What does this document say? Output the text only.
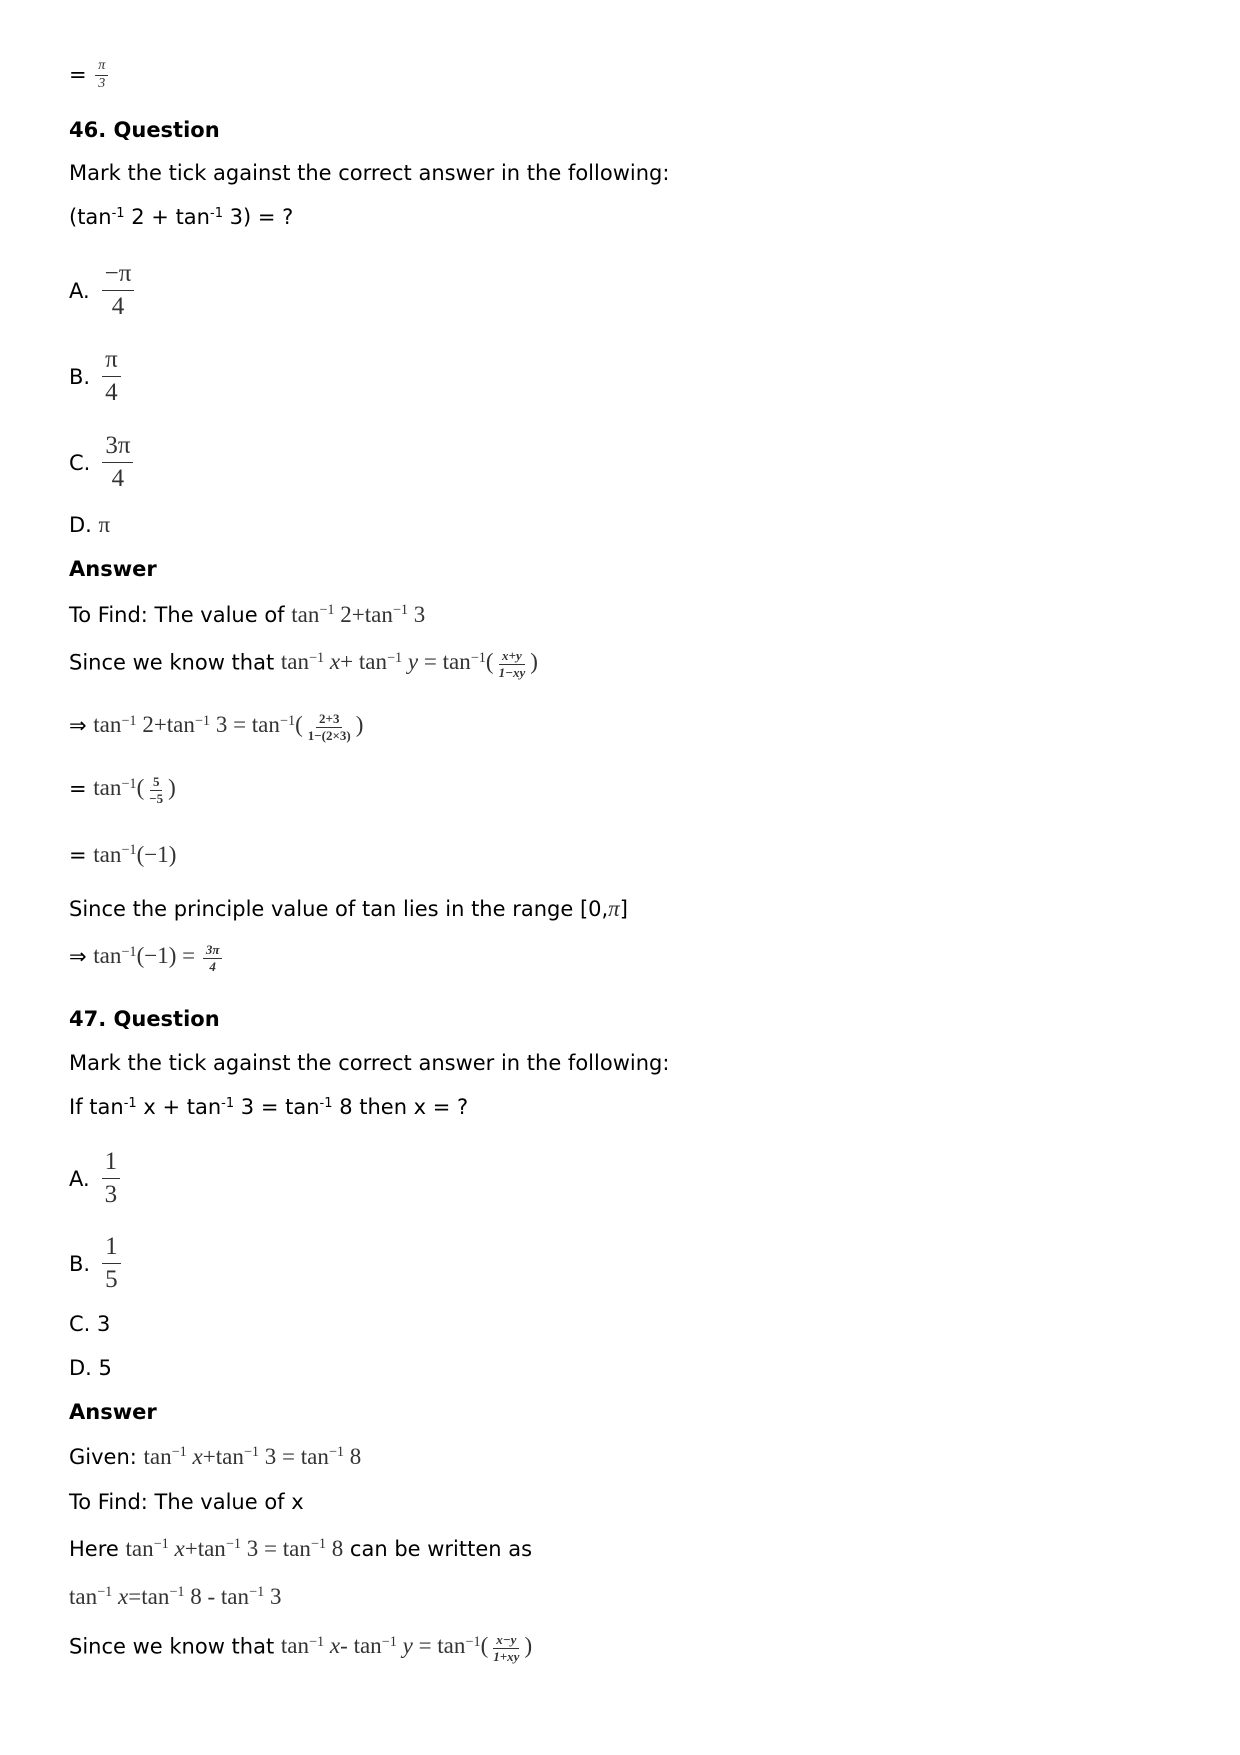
= $\frac{\pi}{3}$
46. Question
Mark the tick against the correct answer in the following:
($\tan^{-1}$ $2 + \tan^{-1} 3$) = ?
A. $\frac{-\pi}{4}$
B. $\frac{\pi}{4}$
C. $\frac{3\pi}{4}$
D. π
Answer
To Find: The value of $\tan^{-1} 2+\tan^{-1}$ 3
Since we know that $\tan^{-1} x+ \tan^{-1} y = \tan^{-1}( \frac{x+y}{1-xy}$ )
⇒ $\tan^{-1} 2+\tan^{-1}$ $3 = \tan^{-1}( \frac{2+3}{1-(2\times 3)}$ )
= $\tan^{-1}( \frac{5}{-5}$ )
= $\tan^{-1}(-1)$
Since the principle value of tan lies in the range [0,π]
⇒ $\tan^{-1}(-1) = \frac{3\pi}{4}$
47. Question
Mark the tick against the correct answer in the following:
If $\tan^{-1} x + \tan^{-1} 3 = \tan^{-1} 8$ then x = ?
A. $\frac{1}{3}$
B. $\frac{1}{5}$
C. 3
D. 5
Answer
Given: $\tan^{-1} x+\tan^{-1}$ $3 = \tan^{-1} 8$
To Find: The value of x
Here $\tan^{-1} x+\tan^{-1}$ $3 = \tan^{-1} 8$ can be written as
$\tan^{-1} x=\tan^{-1}$ $8 - \tan^{-1} 3$
Since we know that $\tan^{-1} x-$ $\tan^{-1} y = \tan^{-1}( \frac{x-y}{1+xy}$ )
